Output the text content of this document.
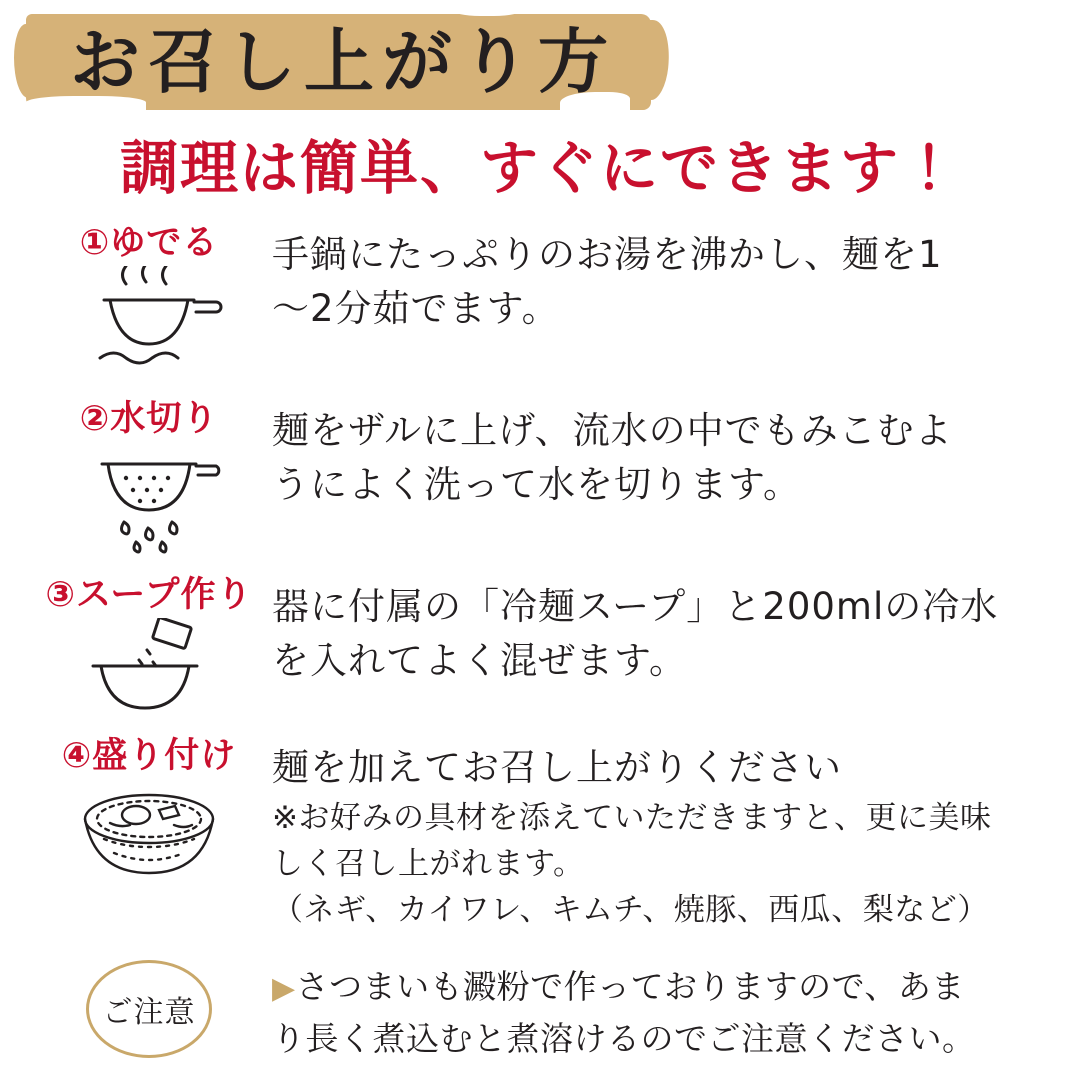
お召し上がり方
調理は簡単、すぐにできます！
①ゆでる 手鍋にたっぷりのお湯を沸かし、麺を1
〜2分茹でます。
②水切り 麺をザルに上げ、流水の中でもみこむよ
うによく洗って水を切ります。
③スープ作り 器に付属の「冷麺スープ」と200mlの冷水
を入れてよく混ぜます。
④盛り付け 麺を加えてお召し上がりください
※お好みの具材を添えていただきますと、更に美味
しく召し上がれます。
（ネギ、カイワレ、キムチ、焼豚、西瓜、梨など）
ご注意
▶さつまいも澱粉で作っておりますので、あま
り長く煮込むと煮溶けるのでご注意ください。
